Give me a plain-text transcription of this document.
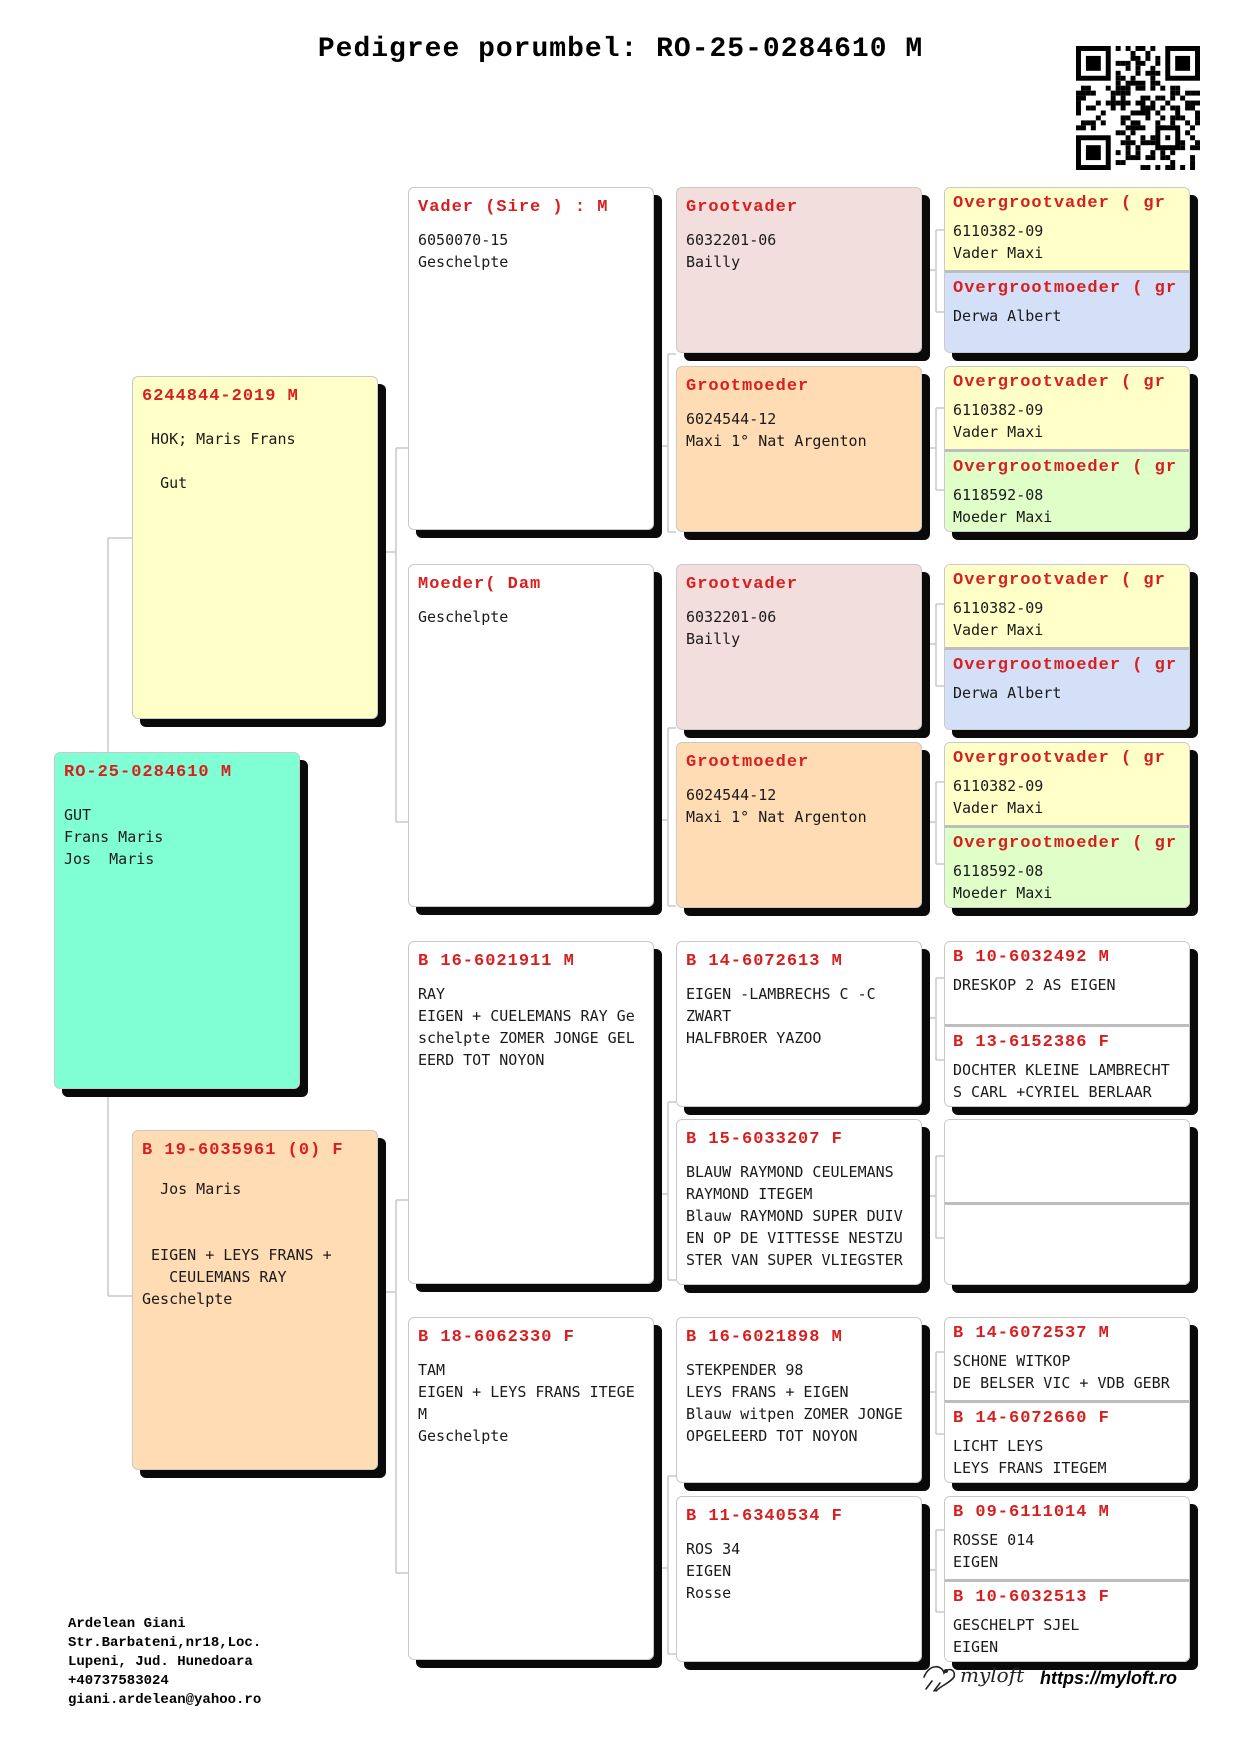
Pedigree porumbel: RO-25-0284610 M
RO-25-0284610 M
GUT
Frans Maris
Jos  Maris
6244844-2019 M
HOK; Maris Frans

Gut
B 19-6035961 (0) F
Jos Maris

EIGEN + LEYS FRANS +
CEULEMANS RAY
Geschelpte
Vader (Sire ) : M
6050070-15
Geschelpte
Moeder( Dam
Geschelpte
B 16-6021911 M
RAY
EIGEN + CUELEMANS RAY Ge
schelpte ZOMER JONGE GEL
EERD TOT NOYON
B 18-6062330 F
TAM
EIGEN + LEYS FRANS ITEGE
M
Geschelpte
Grootvader
6032201-06
Bailly
Grootmoeder
6024544-12
Maxi 1° Nat Argenton
Grootvader
6032201-06
Bailly
Grootmoeder
6024544-12
Maxi 1° Nat Argenton
B 14-6072613 M
EIGEN -LAMBRECHS C -C
ZWART
HALFBROER YAZOO
B 15-6033207 F
BLAUW RAYMOND CEULEMANS
RAYMOND ITEGEM
Blauw RAYMOND SUPER DUIV
EN OP DE VITTESSE NESTZU
STER VAN SUPER VLIEGSTER
B 16-6021898 M
STEKPENDER 98
LEYS FRANS + EIGEN
Blauw witpen ZOMER JONGE
OPGELEERD TOT NOYON
B 11-6340534 F
ROS 34
EIGEN
Rosse
Overgrootvader ( gr
6110382-09
Vader Maxi
Overgrootmoeder ( gr
Derwa Albert
Overgrootvader ( gr
6110382-09
Vader Maxi
Overgrootmoeder ( gr
6118592-08
Moeder Maxi
Overgrootvader ( gr
6110382-09
Vader Maxi
Overgrootmoeder ( gr
Derwa Albert
Overgrootvader ( gr
6110382-09
Vader Maxi
Overgrootmoeder ( gr
6118592-08
Moeder Maxi
B 10-6032492 M
DRESKOP 2 AS EIGEN
B 13-6152386 F
DOCHTER KLEINE LAMBRECHT
S CARL +CYRIEL BERLAAR
B 14-6072537 M
SCHONE WITKOP
DE BELSER VIC + VDB GEBR
B 14-6072660 F
LICHT LEYS
LEYS FRANS ITEGEM
B 09-6111014 M
ROSSE 014
EIGEN
B 10-6032513 F
GESCHELPT SJEL
EIGEN
Ardelean Giani
Str.Barbateni,nr18,Loc.
Lupeni, Jud. Hunedoara
+40737583024
giani.ardelean@yahoo.ro
myloft https://myloft.ro
